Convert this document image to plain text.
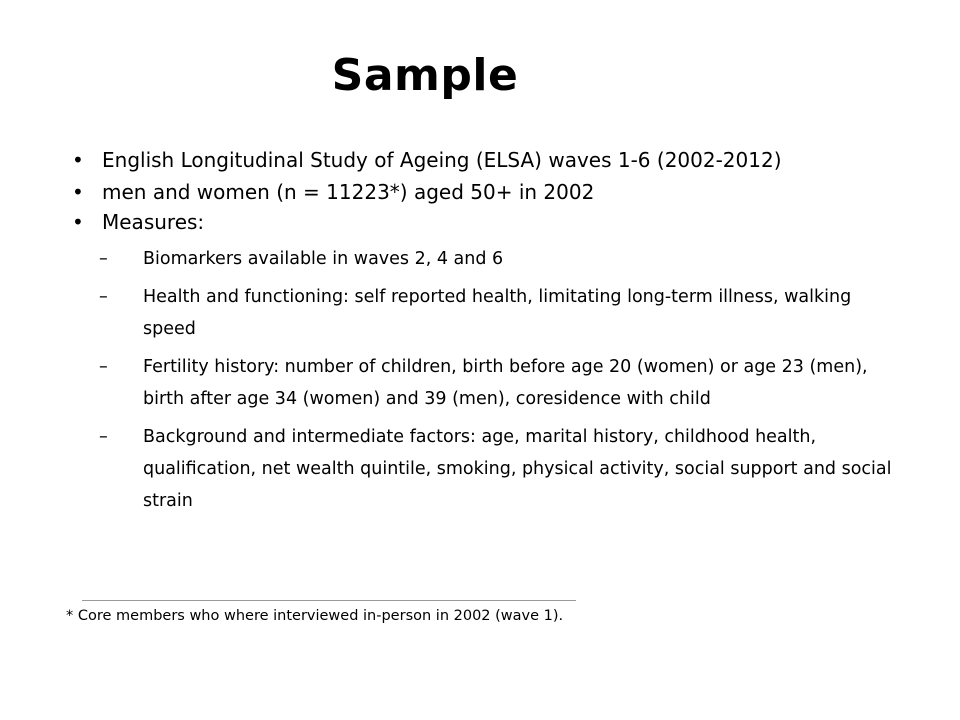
Sample
• English Longitudinal Study of Ageing (ELSA) waves 1-6 (2002-2012)
• men and women (n = 11223*) aged 50+ in 2002
• Measures:
– Biomarkers available in waves 2, 4 and 6
– Health and functioning: self reported health, limitating long-term illness, walking speed
– Fertility history: number of children, birth before age 20 (women) or age 23 (men), birth after age 34 (women) and 39 (men), coresidence with child
– Background and intermediate factors: age, marital history, childhood health, qualification, net wealth quintile, smoking, physical activity, social support and social strain
* Core members who where interviewed in-person in 2002 (wave 1).
